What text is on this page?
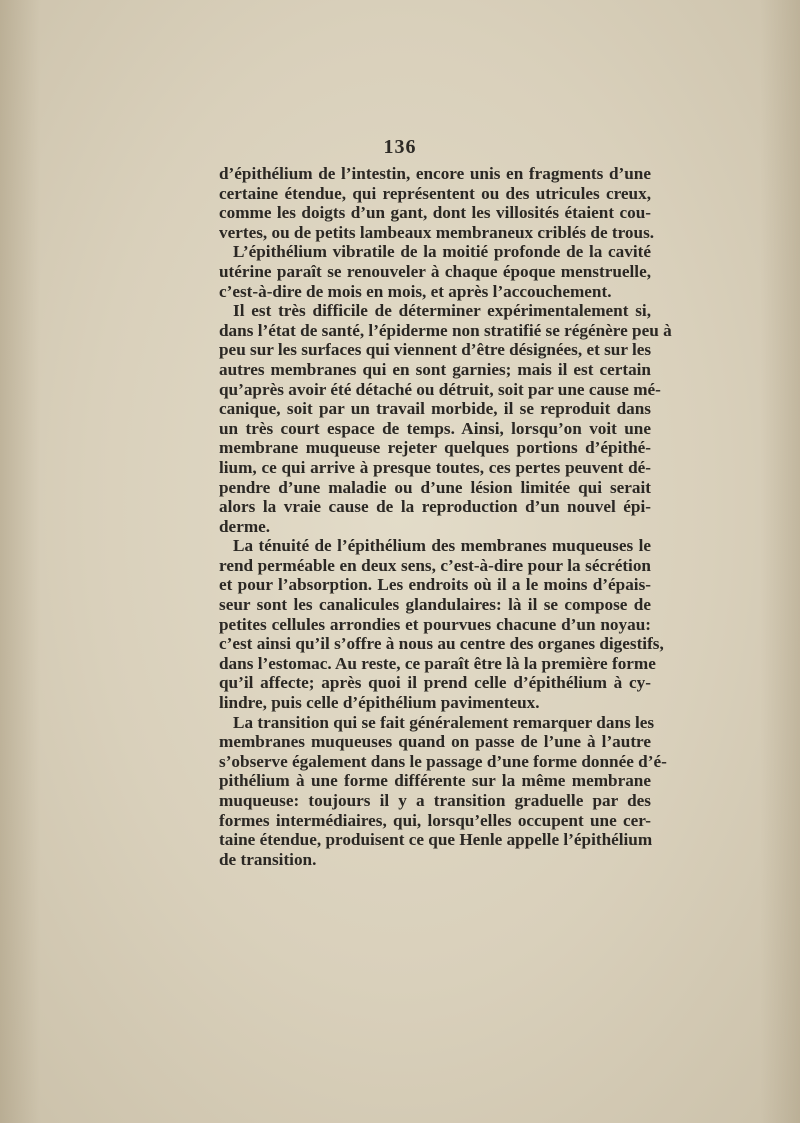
136
d’épithélium de l’intestin, encore unis en fragments d’une
certaine étendue, qui représentent ou des utricules creux,
comme les doigts d’un gant, dont les villosités étaient cou-
vertes, ou de petits lambeaux membraneux criblés de trous.
L’épithélium vibratile de la moitié profonde de la cavité
utérine paraît se renouveler à chaque époque menstruelle,
c’est-à-dire de mois en mois, et après l’accouchement.
Il est très difficile de déterminer expérimentalement si,
dans l’état de santé, l’épiderme non stratifié se régénère peu à
peu sur les surfaces qui viennent d’être désignées, et sur les
autres membranes qui en sont garnies; mais il est certain
qu’après avoir été détaché ou détruit, soit par une cause mé-
canique, soit par un travail morbide, il se reproduit dans
un très court espace de temps. Ainsi, lorsqu’on voit une
membrane muqueuse rejeter quelques portions d’épithé-
lium, ce qui arrive à presque toutes, ces pertes peuvent dé-
pendre d’une maladie ou d’une lésion limitée qui serait
alors la vraie cause de la reproduction d’un nouvel épi-
derme.
La ténuité de l’épithélium des membranes muqueuses le
rend perméable en deux sens, c’est-à-dire pour la sécrétion
et pour l’absorption. Les endroits où il a le moins d’épais-
seur sont les canalicules glandulaires: là il se compose de
petites cellules arrondies et pourvues chacune d’un noyau:
c’est ainsi qu’il s’offre à nous au centre des organes digestifs,
dans l’estomac. Au reste, ce paraît être là la première forme
qu’il affecte; après quoi il prend celle d’épithélium à cy-
lindre, puis celle d’épithélium pavimenteux.
La transition qui se fait généralement remarquer dans les
membranes muqueuses quand on passe de l’une à l’autre
s’observe également dans le passage d’une forme donnée d’é-
pithélium à une forme différente sur la même membrane
muqueuse: toujours il y a transition graduelle par des
formes intermédiaires, qui, lorsqu’elles occupent une cer-
taine étendue, produisent ce que Henle appelle l’épithélium
de transition.
